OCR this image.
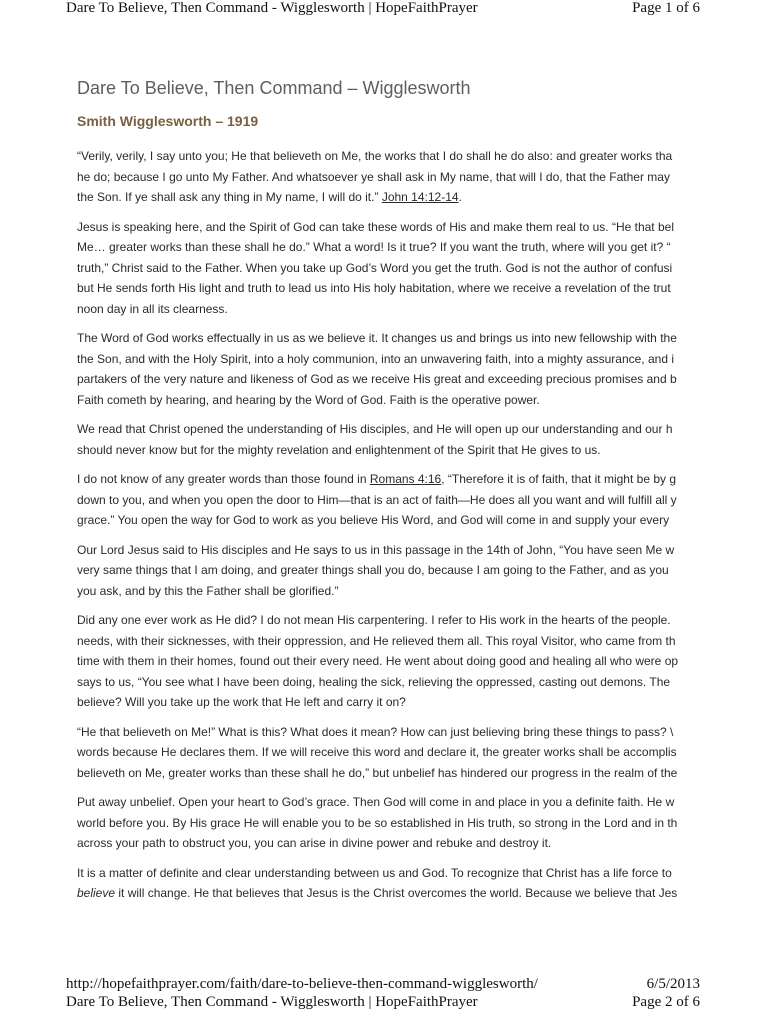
Dare To Believe, Then Command - Wigglesworth | HopeFaithPrayer	Page 1 of 6
Dare To Believe, Then Command – Wigglesworth
Smith Wigglesworth – 1919

“Verily, verily, I say unto you; He that believeth on Me, the works that I do shall he do also: and greater works tha
he do; because I go unto My Father. And whatsoever ye shall ask in My name, that will I do, that the Father may
the Son. If ye shall ask any thing in My name, I will do it.” John 14:12-14.

Jesus is speaking here, and the Spirit of God can take these words of His and make them real to us. “He that bel
Me… greater works than these shall he do.” What a word! Is it true? If you want the truth, where will you get it? “
truth,” Christ said to the Father. When you take up God’s Word you get the truth. God is not the author of confusi
but He sends forth His light and truth to lead us into His holy habitation, where we receive a revelation of the trut
noon day in all its clearness.

The Word of God works effectually in us as we believe it. It changes us and brings us into new fellowship with the
the Son, and with the Holy Spirit, into a holy communion, into an unwavering faith, into a mighty assurance, and i
partakers of the very nature and likeness of God as we receive His great and exceeding precious promises and b
Faith cometh by hearing, and hearing by the Word of God. Faith is the operative power.

We read that Christ opened the understanding of His disciples, and He will open up our understanding and our h
should never know but for the mighty revelation and enlightenment of the Spirit that He gives to us.

I do not know of any greater words than those found in Romans 4:16, “Therefore it is of faith, that it might be by g
down to you, and when you open the door to Him—that is an act of faith—He does all you want and will fulfill all y
grace.” You open the way for God to work as you believe His Word, and God will come in and supply your every

Our Lord Jesus said to His disciples and He says to us in this passage in the 14th of John, “You have seen Me w
very same things that I am doing, and greater things shall you do, because I am going to the Father, and as you
you ask, and by this the Father shall be glorified.”

Did any one ever work as He did? I do not mean His carpentering. I refer to His work in the hearts of the people.
needs, with their sicknesses, with their oppression, and He relieved them all. This royal Visitor, who came from th
time with them in their homes, found out their every need. He went about doing good and healing all who were op
says to us, “You see what I have been doing, healing the sick, relieving the oppressed, casting out demons. The
believe? Will you take up the work that He left and carry it on?

“He that believeth on Me!” What is this? What does it mean? How can just believing bring these things to pass? \
words because He declares them. If we will receive this word and declare it, the greater works shall be accomplis
believeth on Me, greater works than these shall he do,” but unbelief has hindered our progress in the realm of the

Put away unbelief. Open your heart to God’s grace. Then God will come in and place in you a definite faith. He w
world before you. By His grace He will enable you to be so established in His truth, so strong in the Lord and in th
across your path to obstruct you, you can arise in divine power and rebuke and destroy it.

It is a matter of definite and clear understanding between us and God. To recognize that Christ has a life force to
believe it will change. He that believes that Jesus is the Christ overcomes the world. Because we believe that Jes

http://hopefaithprayer.com/faith/dare-to-believe-then-command-wigglesworth/	6/5/2013
Dare To Believe, Then Command - Wigglesworth | HopeFaithPrayer	Page 2 of 6
